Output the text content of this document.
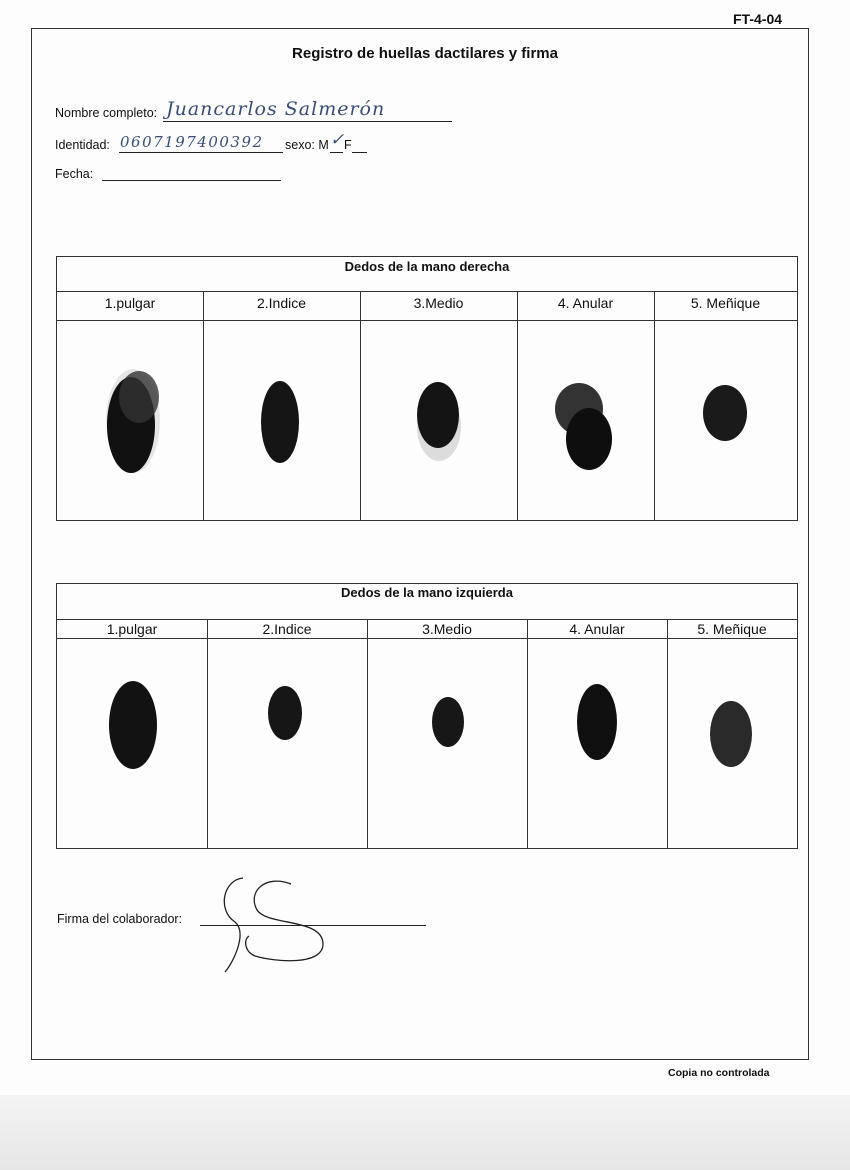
FT-4-04
Registro de huellas dactilares y firma
Nombre completo: Juancarlos Salmerón
Identidad: 0607197400392 sexo: M ✓
F
Fecha:
Dedos de la mano derecha
1.pulgar	2.Indice	3.Medio	4. Anular	5. Meñique
Dedos de la mano izquierda
1.pulgar	2.Indice	3.Medio	4. Anular	5. Meñique
Firma del colaborador:
Copia no controlada
